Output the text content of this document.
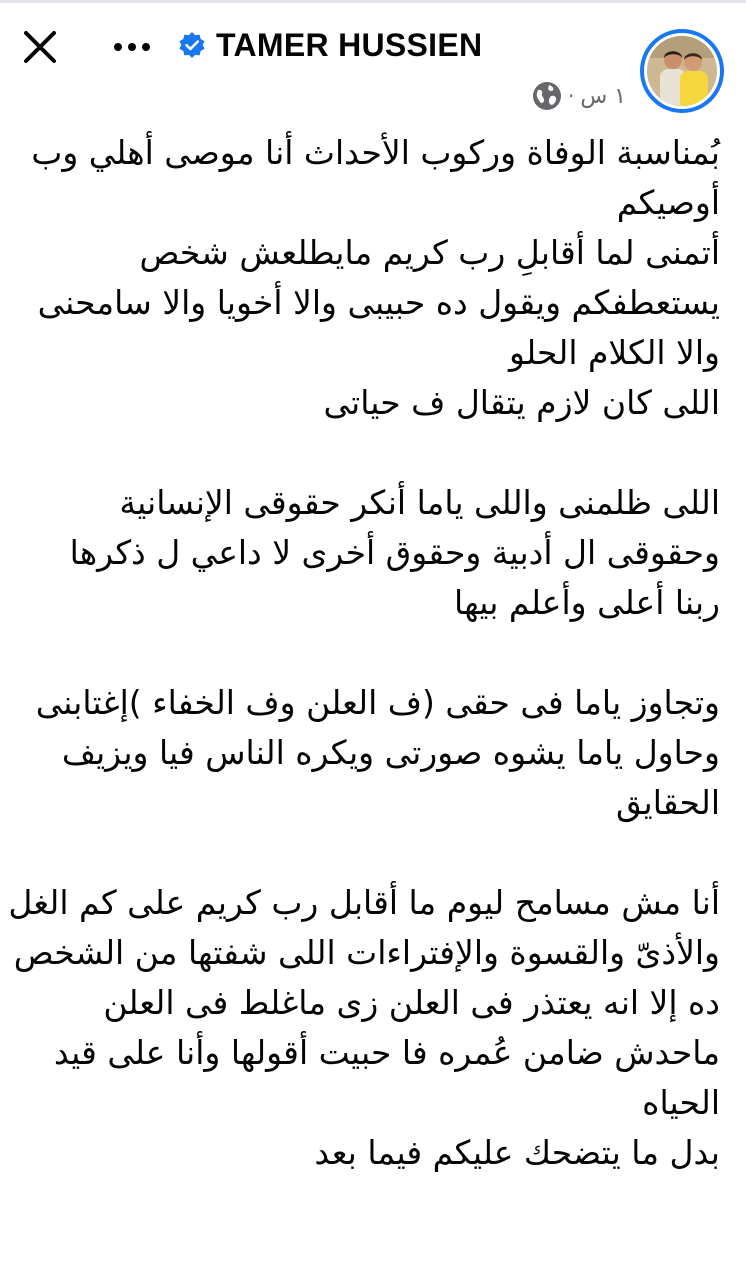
TAMER HUSSIEN
١ س
·
بُمناسبة الوفاة وركوب الأحداث أنا موصى أهلي وب
أوصيكم
أتمنى لما أقابلِ رب كريم مايطلعش شخص
يستعطفكم ويقول ده حبيبى والا أخويا والا سامحنى
والا الكلام الحلو
اللى كان لازم يتقال ف حياتى
اللى ظلمنى واللى ياما أنكر حقوقى الإنسانية
وحقوقى ال أدبية وحقوق أخرى لا داعي ل ذكرها
ربنا أعلى وأعلم بيها
وتجاوز ياما فى حقى (ف العلن وف الخفاء )إغتابنى
وحاول ياما يشوه صورتى ويكره الناس فيا ويزيف
الحقايق
أنا مش مسامح ليوم ما أقابل رب كريم على كم الغل
والأذىّ والقسوة والإفتراءات اللى شفتها من الشخص
ده إلا انه يعتذر فى العلن زى ماغلط فى العلن
ماحدش ضامن عُمره فا حبيت أقولها وأنا على قيد
الحياه
بدل ما يتضحك عليكم فيما بعد
